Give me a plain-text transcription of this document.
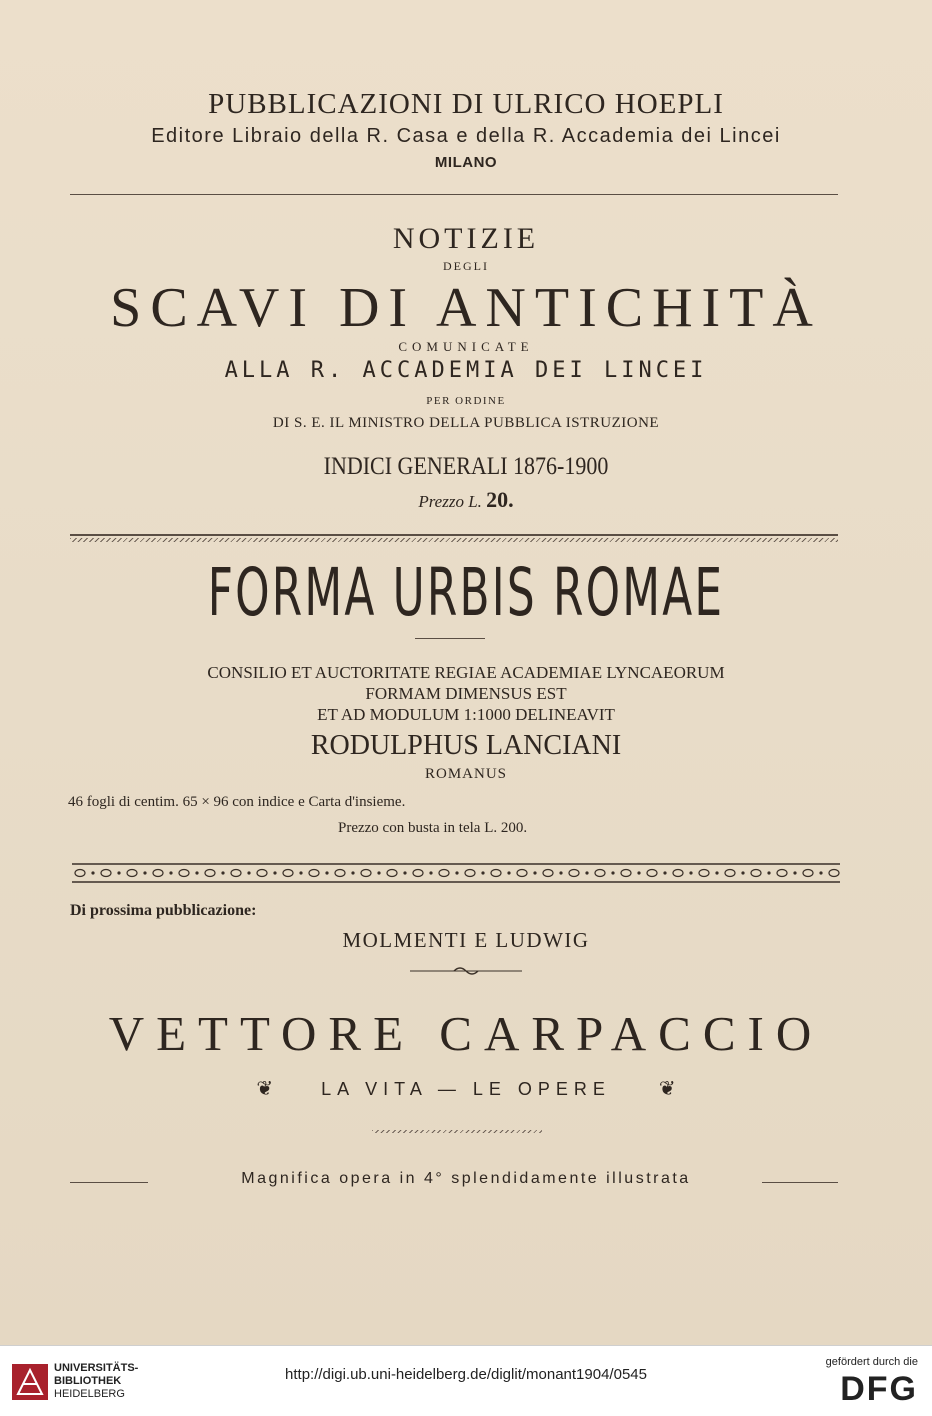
PUBBLICAZIONI DI ULRICO HOEPLI
Editore Libraio della R. Casa e della R. Accademia dei Lincei
MILANO
NOTIZIE
DEGLI
SCAVI DI ANTICHITÀ
COMUNICATE
ALLA R. ACCADEMIA DEI LINCEI
PER ORDINE
DI S. E. IL MINISTRO DELLA PUBBLICA ISTRUZIONE
INDICI GENERALI 1876-1900
Prezzo L. 20.
FORMA URBIS ROMAE
CONSILIO ET AUCTORITATE REGIAE ACADEMIAE LYNCAEORUM
FORMAM DIMENSUS EST
ET AD MODULUM 1:1000 DELINEAVIT
RODULPHUS LANCIANI
ROMANUS
46 fogli di centim. 65 × 96 con indice e Carta d'insieme.
Prezzo con busta in tela L. 200.
Di prossima pubblicazione:
MOLMENTI E LUDWIG
VETTORE CARPACCIO
❦	LA VITA — LE OPERE ❦
Magnifica opera in 4° splendidamente illustrata
UNIVERSITÄTS-
BIBLIOTHEK
HEIDELBERG
http://digi.ub.uni-heidelberg.de/diglit/monant1904/0545
gefördert durch die
DFG
